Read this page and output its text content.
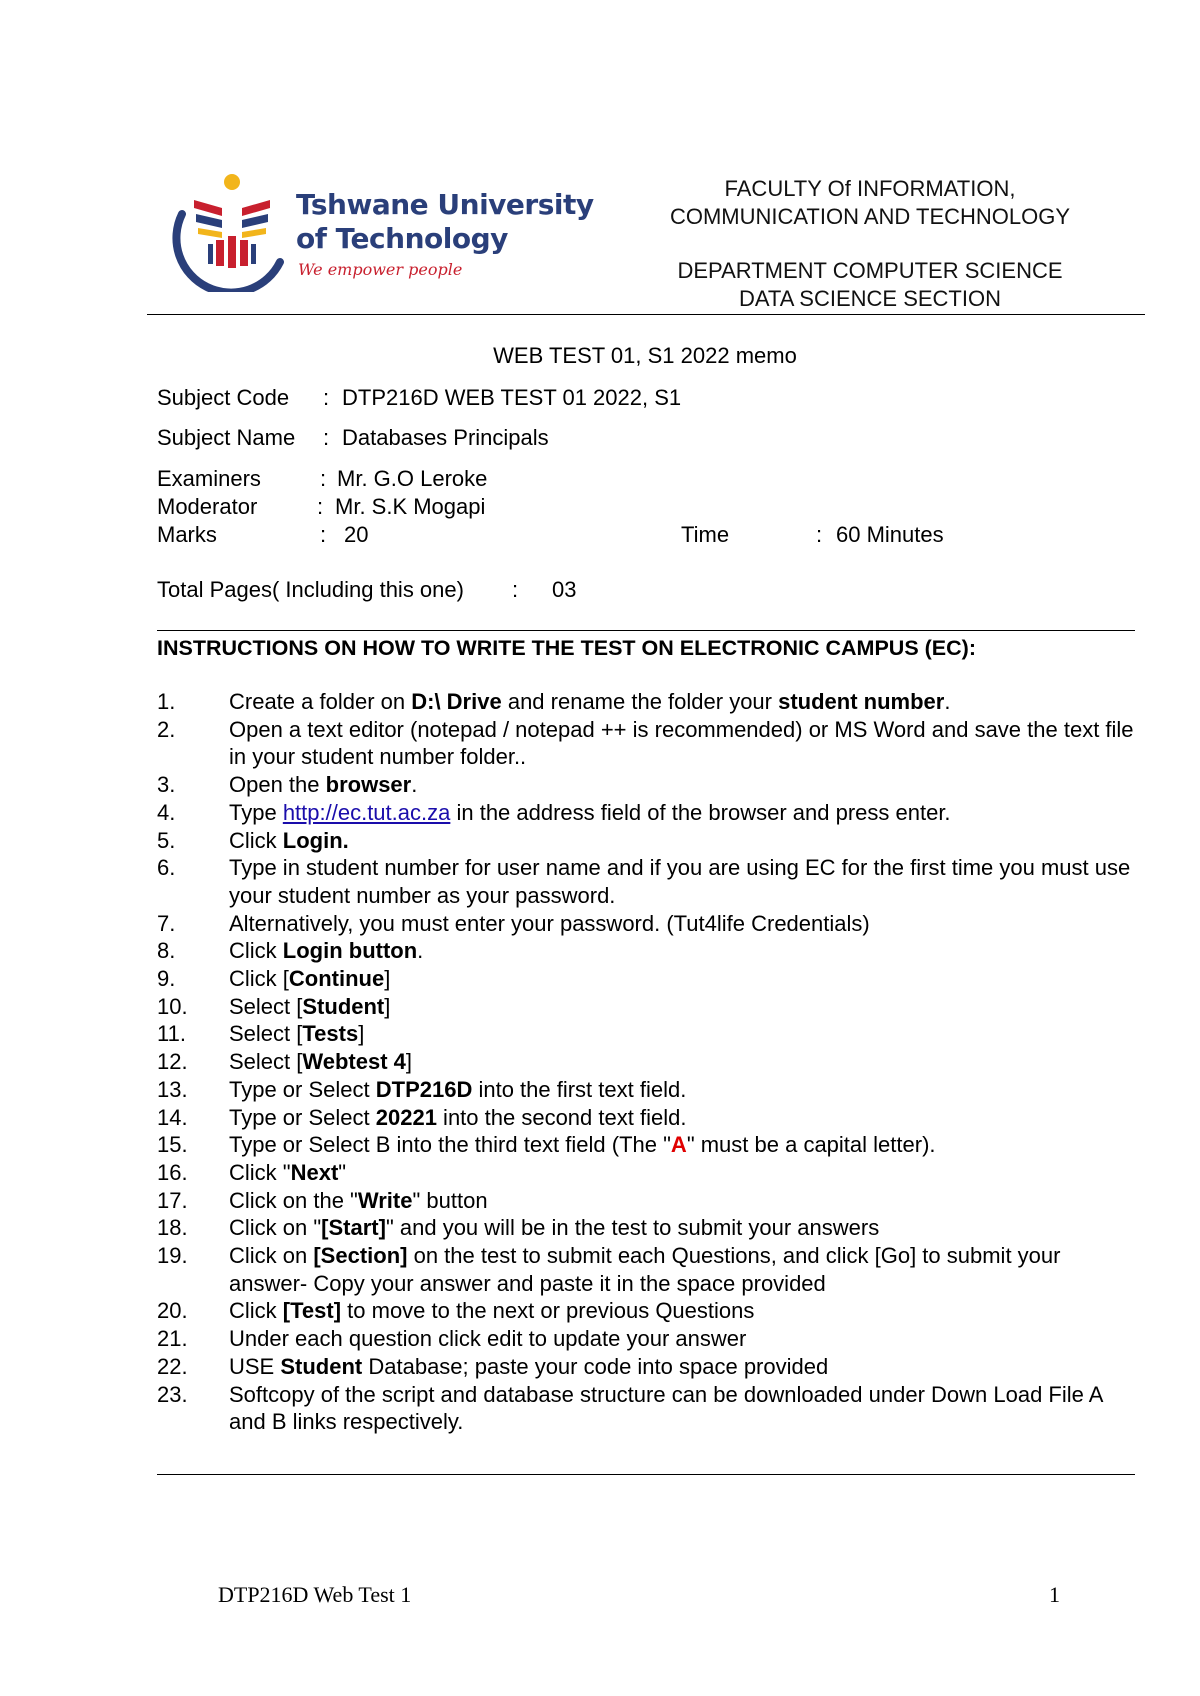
Tshwane University
of Technology
We empower people
FACULTY Of INFORMATION,
COMMUNICATION AND TECHNOLOGY
DEPARTMENT COMPUTER SCIENCE
DATA SCIENCE SECTION
WEB TEST 01, S1 2022 memo
Subject Code : DTP216D WEB TEST 01 2022, S1
Subject Name : Databases Principals
Examiners	: Mr. G.O Leroke
Moderator	: Mr. S.K Mogapi
Marks	: 20	Time	: 60 Minutes
Total Pages( Including this one) : 03
INSTRUCTIONS ON HOW TO WRITE THE TEST ON ELECTRONIC CAMPUS (EC):
1.	Create a folder on D:\ Drive and rename the folder your student number.
2.	Open a text editor (notepad / notepad ++ is recommended) or MS Word and save the text file in your student number folder..
3.	Open the browser.
4.	Type http://ec.tut.ac.za in the address field of the browser and press enter.
5.	Click Login.
6.	Type in student number for user name and if you are using EC for the first time you must use your student number as your password.
7.	Alternatively, you must enter your password. (Tut4life Credentials)
8.	Click Login button.
9.	Click [Continue]
10.	Select [Student]
11.	Select [Tests]
12.	Select [Webtest 4]
13.	Type or Select DTP216D into the first text field.
14.	Type or Select 20221 into the second text field.
15.	Type or Select B into the third text field (The "A" must be a capital letter).
16.	Click "Next"
17.	Click on the "Write" button
18.	Click on "[Start]" and you will be in the test to submit your answers
19.	Click on [Section] on the test to submit each Questions, and click [Go] to submit your answer- Copy your answer and paste it in the space provided
20.	Click [Test] to move to the next or previous Questions
21.	Under each question click edit to update your answer
22.	USE Student Database; paste your code into space provided
23.	Softcopy of the script and database structure can be downloaded under Down Load File A and B links respectively.
DTP216D Web Test 1	1
